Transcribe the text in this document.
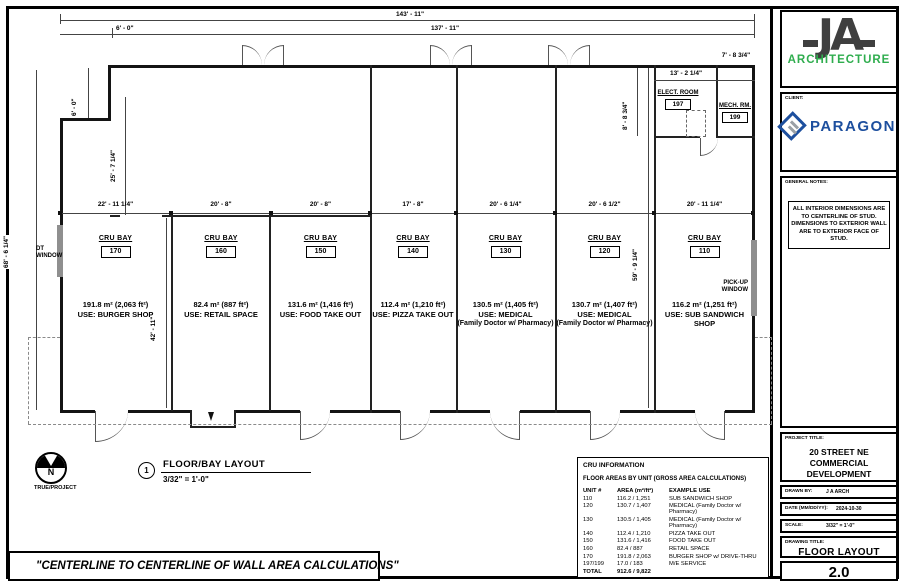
143' - 11"
137' - 11"
6' - 0"
13' - 2 1/4"
7' - 8 3/4"
68' - 6 1/4"
6' - 0"
25' - 7 1/4"
42' - 11"
59' - 9 1/4"
8' - 8 3/4"
22' - 11 1/4"
CRU BAY
170
191.8 m² (2,063 ft²)
USE: BURGER SHOP
20' - 8"
CRU BAY
160
82.4 m² (887 ft²)
USE: RETAIL SPACE
20' - 8"
CRU BAY
150
131.6 m² (1,416 ft²)
USE: FOOD TAKE OUT
17' - 8"
CRU BAY
140
112.4 m² (1,210 ft²)
USE: PIZZA TAKE OUT
20' - 6 1/4"
CRU BAY
130
130.5 m² (1,405 ft²)
USE: MEDICAL
(Family Doctor w/ Pharmacy)
20' - 6 1/2"
CRU BAY
120
130.7 m² (1,407 ft²)
USE: MEDICAL
(Family Doctor w/ Pharmacy)
20' - 11 1/4"
CRU BAY
110
116.2 m² (1,251 ft²)
USE: SUB SANDWICH SHOP
ELECT. ROOM
197	MECH. RM.
199
DT WINDOW
PICK-UP WINDOW
N
TRUE/PROJECT
1
FLOOR/BAY LAYOUT
3/32" = 1'-0"
CRU INFORMATION
FLOOR AREAS BY UNIT (GROSS AREA CALCULATIONS)
UNIT #	AREA (m²/ft²)	EXAMPLE USE
110	116.2 / 1,251	SUB SANDWICH SHOP
120	130.7 / 1,407	MEDICAL (Family Doctor w/ Pharmacy)
130	130.5 / 1,405	MEDICAL (Family Doctor w/ Pharmacy)
140	112.4 / 1,210	PIZZA TAKE OUT
150	131.6 / 1,416	FOOD TAKE OUT
160	82.4 / 887	RETAIL SPACE
170	191.8 / 2,063	BURGER SHOP w/ DRIVE-THRU
197/199	17.0 / 183	M/E SERVICE
TOTAL	912.6 / 9,822
"CENTERLINE TO CENTERLINE OF WALL AREA CALCULATIONS"
JA
ARCHITECTURE
CLIENT:
PARAGON
GENERAL NOTES:
ALL INTERIOR DIMENSIONS ARE TO CENTERLINE OF STUD. DIMENSIONS TO EXTERIOR WALL ARE TO EXTERIOR FACE OF STUD.
PROJECT TITLE:
20 STREET NE COMMERCIAL DEVELOPMENT
DRAWN BY:	J A ARCH
DATE (MM/DD/YY):	2024-10-30
SCALE:	3/32" = 1'-0"
DRAWING TITLE:
FLOOR LAYOUT
2.0
